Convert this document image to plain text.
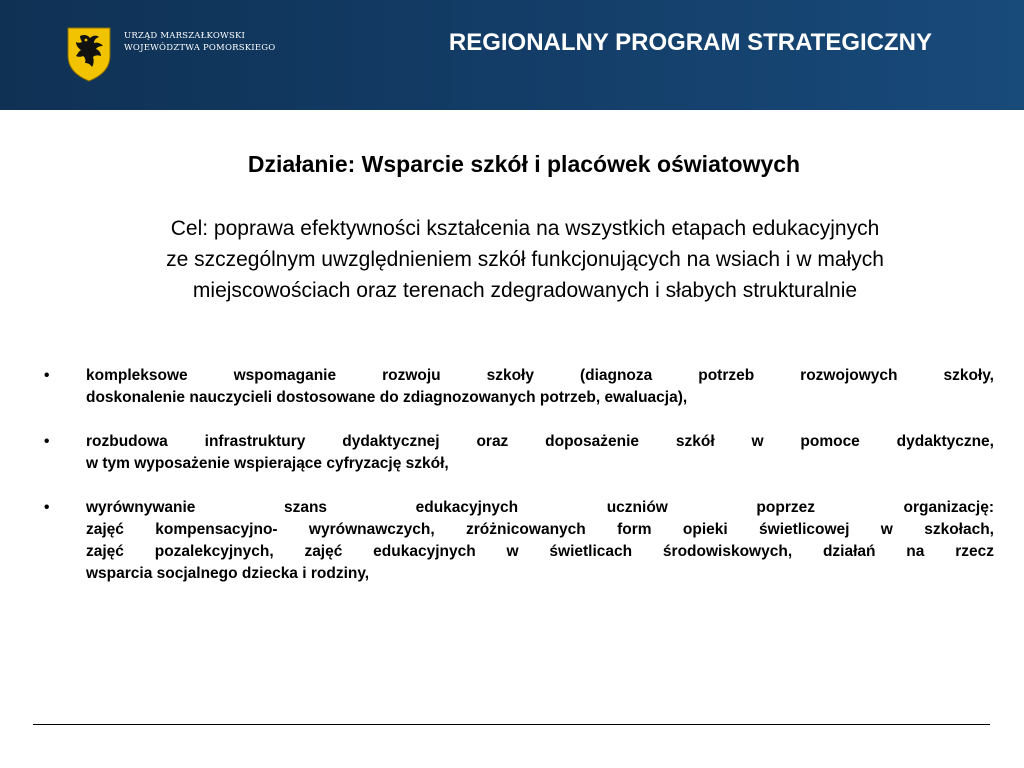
URZĄD MARSZAŁKOWSKI
WOJEWÓDZTWA POMORSKIEGO	REGIONALNY PROGRAM STRATEGICZNY
Działanie: Wsparcie szkół i placówek oświatowych
Cel: poprawa efektywności kształcenia na wszystkich etapach edukacyjnych
ze szczególnym uwzględnieniem szkół funkcjonujących na wsiach i w małych
miejscowościach oraz terenach zdegradowanych i słabych strukturalnie
• kompleksowe wspomaganie rozwoju szkoły (diagnoza potrzeb rozwojowych szkoły,
doskonalenie nauczycieli dostosowane do zdiagnozowanych potrzeb, ewaluacja),
• rozbudowa infrastruktury dydaktycznej oraz doposażenie szkół w pomoce dydaktyczne,
w tym wyposażenie wspierające cyfryzację szkół,
• wyrównywanie szans edukacyjnych uczniów poprzez organizację:
zajęć kompensacyjno- wyrównawczych, zróżnicowanych form opieki świetlicowej w szkołach,
zajęć pozalekcyjnych, zajęć edukacyjnych w świetlicach środowiskowych, działań na rzecz
wsparcia socjalnego dziecka i rodziny,
